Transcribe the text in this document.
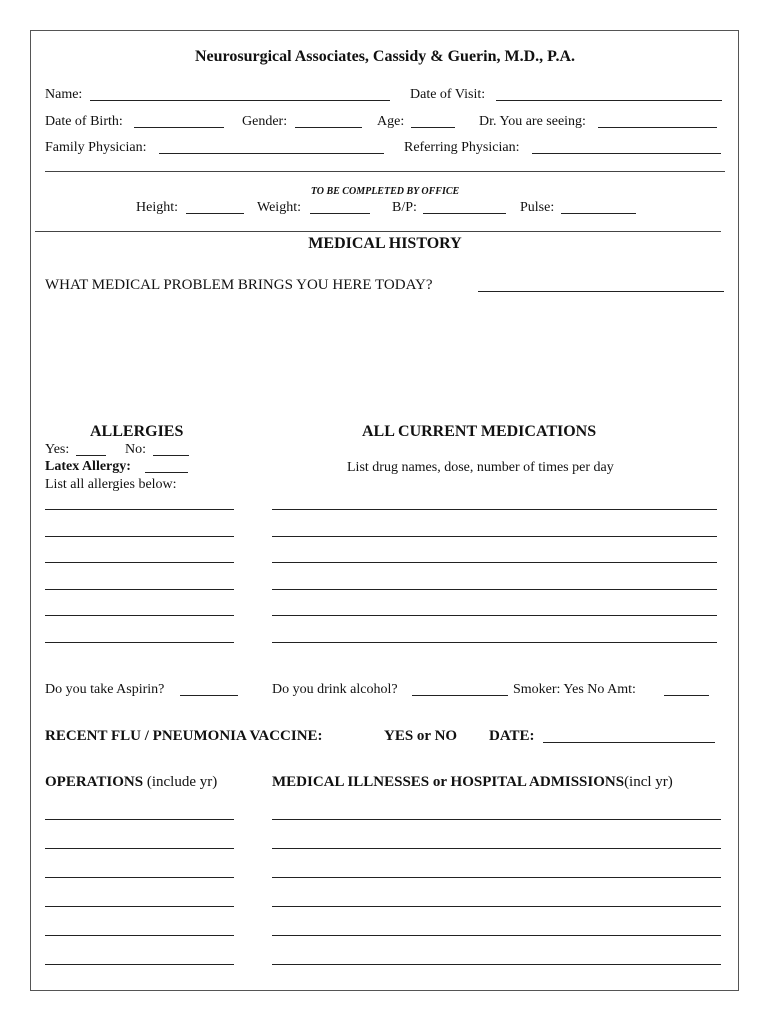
Neurosurgical Associates, Cassidy & Guerin, M.D., P.A.
Name:	Date of Visit:
Date of Birth:	Gender:	Age:	Dr. You are seeing:
Family Physician:	Referring Physician:
TO BE COMPLETED BY OFFICE
Height:	Weight:	B/P:	Pulse:
MEDICAL HISTORY
WHAT MEDICAL PROBLEM BRINGS YOU HERE TODAY?
ALLERGIES
Yes:	No:
Latex Allergy:
List all allergies below:
ALL CURRENT MEDICATIONS
List drug names, dose, number of times per day
Do you take Aspirin?	Do you drink alcohol?	Smoker: Yes No Amt:
RECENT FLU / PNEUMONIA VACCINE:	YES or NO DATE:
OPERATIONS (include yr)	MEDICAL ILLNESSES or HOSPITAL ADMISSIONS(incl yr)
